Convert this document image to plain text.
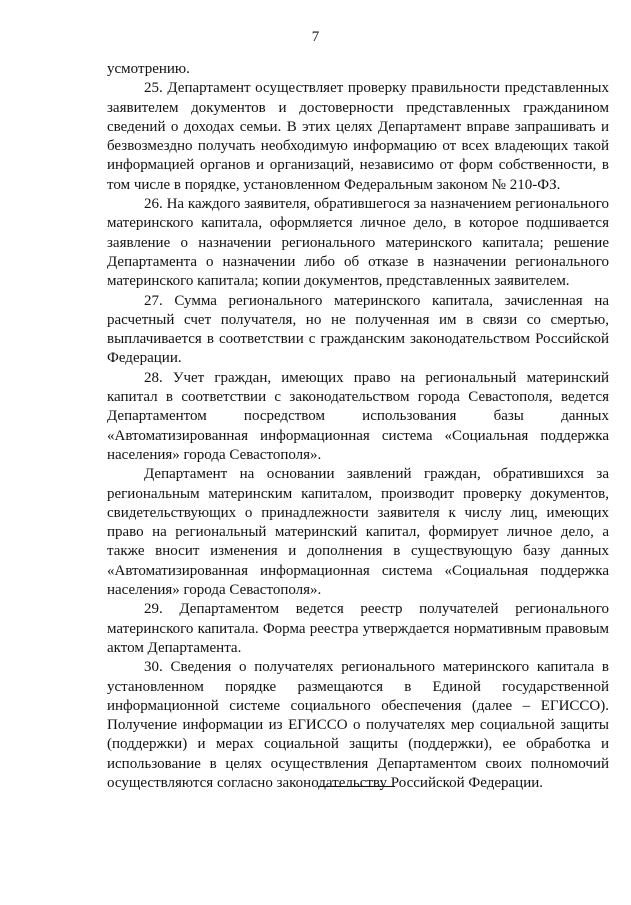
7

усмотрению.

25. Департамент осуществляет проверку правильности представленных заявителем документов и достоверности представленных гражданином сведений о доходах семьи. В этих целях Департамент вправе запрашивать и безвозмездно получать необходимую информацию от всех владеющих такой информацией органов и организаций, независимо от форм собственности, в том числе в порядке, установленном Федеральным законом № 210-ФЗ.

26. На каждого заявителя, обратившегося за назначением регионального материнского капитала, оформляется личное дело, в которое подшивается заявление о назначении регионального материнского капитала; решение Департамента о назначении либо об отказе в назначении регионального материнского капитала; копии документов, представленных заявителем.

27. Сумма регионального материнского капитала, зачисленная на расчетный счет получателя, но не полученная им в связи со смертью, выплачивается в соответствии с гражданским законодательством Российской Федерации.

28. Учет граждан, имеющих право на региональный материнский капитал в соответствии с законодательством города Севастополя, ведется Департаментом посредством использования базы данных «Автоматизированная информационная система «Социальная поддержка населения» города Севастополя».

Департамент на основании заявлений граждан, обратившихся за региональным материнским капиталом, производит проверку документов, свидетельствующих о принадлежности заявителя к числу лиц, имеющих право на региональный материнский капитал, формирует личное дело, а также вносит изменения и дополнения в существующую базу данных «Автоматизированная информационная система «Социальная поддержка населения» города Севастополя».

29. Департаментом ведется реестр получателей регионального материнского капитала. Форма реестра утверждается нормативным правовым актом Департамента.

30. Сведения о получателях регионального материнского капитала в установленном порядке размещаются в Единой государственной информационной системе социального обеспечения (далее – ЕГИССО). Получение информации из ЕГИССО о получателях мер социальной защиты (поддержки) и мерах социальной защиты (поддержки), ее обработка и использование в целях осуществления Департаментом своих полномочий осуществляются согласно законодательству Российской Федерации.
